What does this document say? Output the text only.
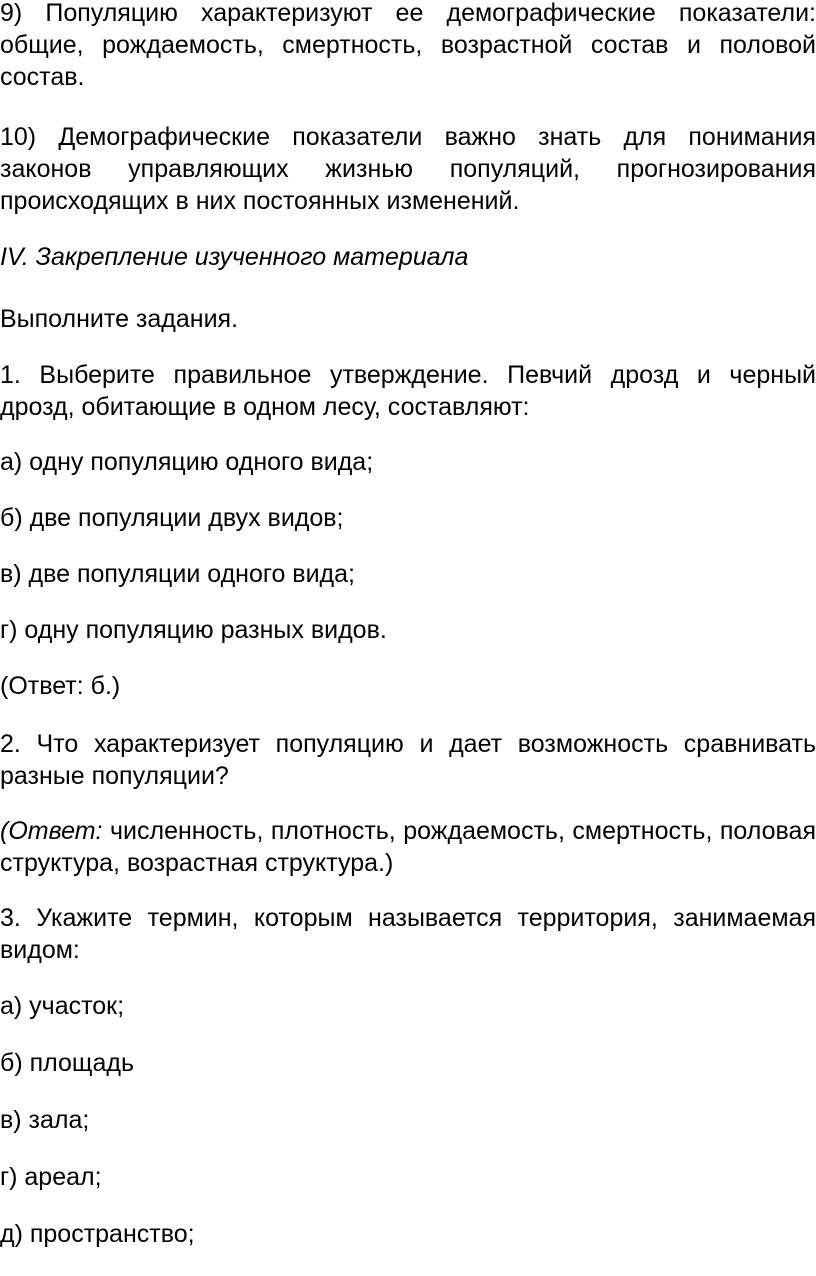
9) Популяцию характеризуют ее демографические показатели: общие, рождаемость, смертность, возрастной состав и половой состав.

10) Демографические показатели важно знать для понимания законов управляющих жизнью популяций, прогнозирования происходящих в них постоянных изменений.

IV. Закрепление изученного материала

Выполните задания.

1. Выберите правильное утверждение. Певчий дрозд и черный дрозд, обитающие в одном лесу, составляют:

а) одну популяцию одного вида;

б) две популяции двух видов;

в) две популяции одного вида;

г) одну популяцию разных видов.

(Ответ: б.)

2. Что характеризует популяцию и дает возможность сравнивать разные популяции?

(Ответ: численность, плотность, рождаемость, смертность, половая структура, возрастная структура.)

3. Укажите термин, которым называется территория, занимаемая видом:

а) участок;

б) площадь

в) зала;

г) ареал;

д) пространство;
